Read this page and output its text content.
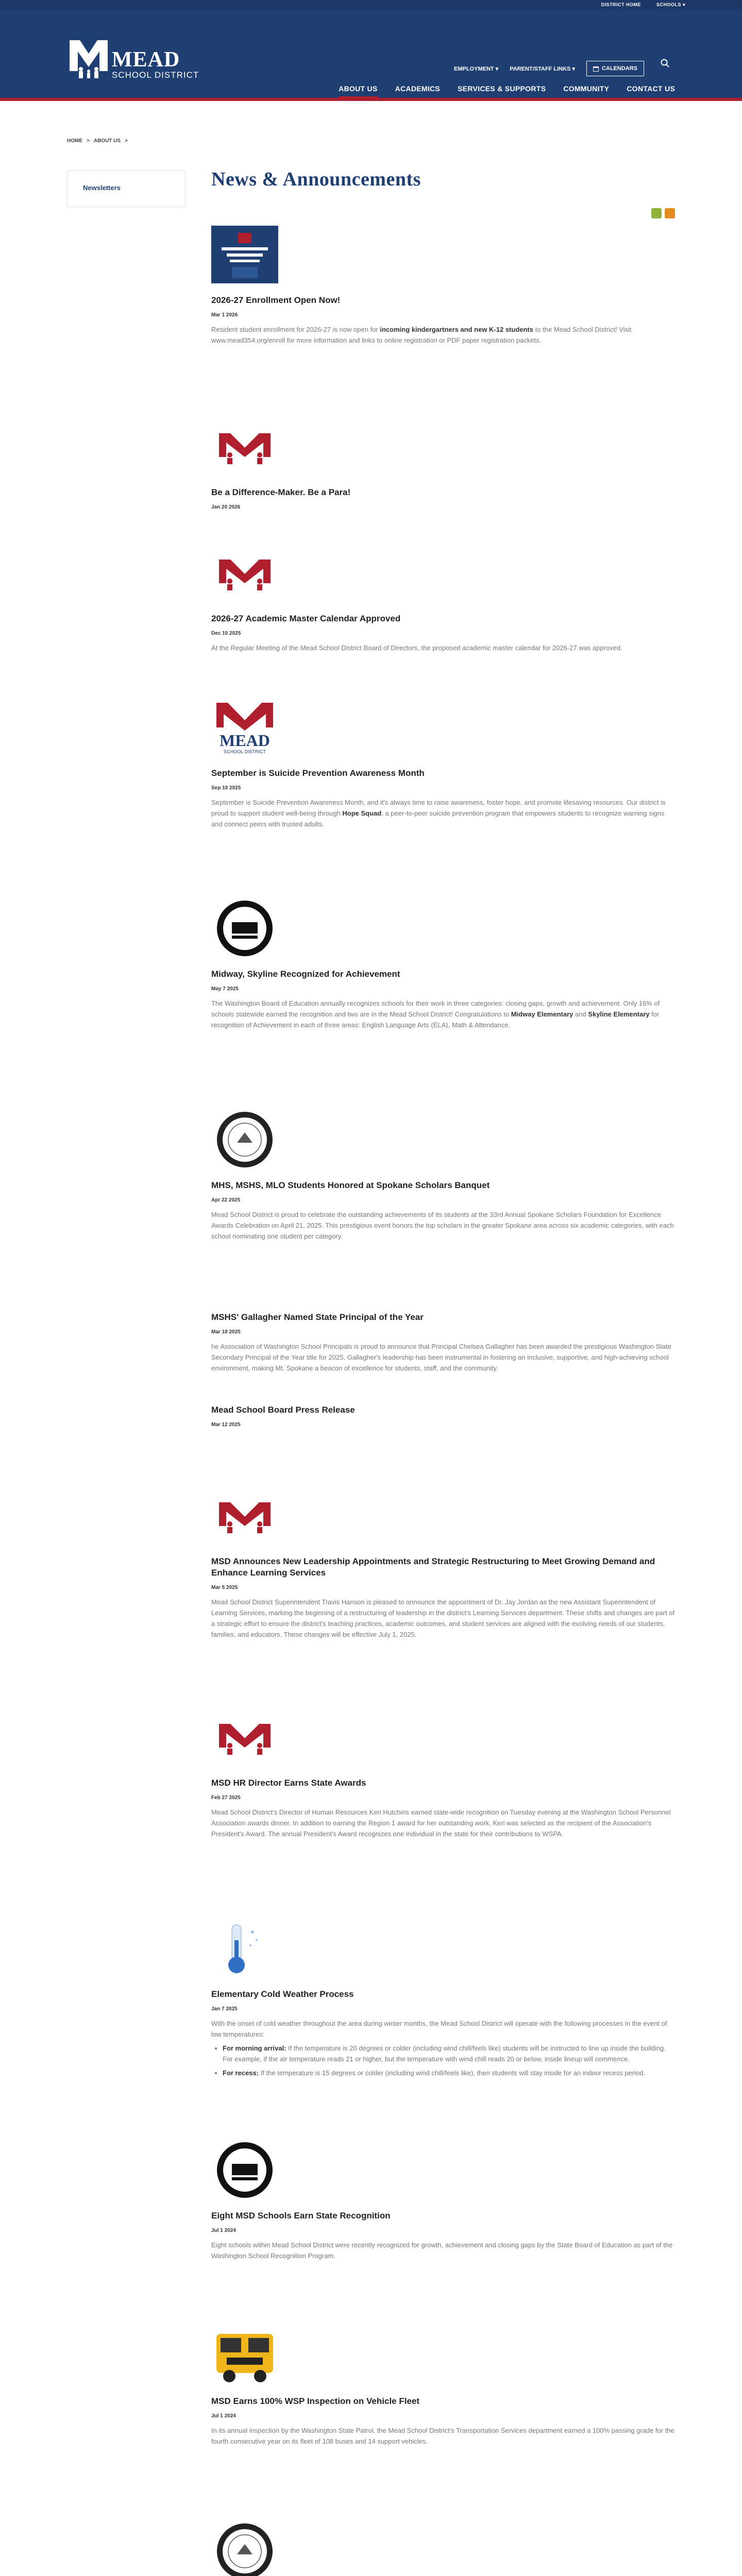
DISTRICT HOME	SCHOOLS ▾
MEAD
SCHOOL DISTRICT
EMPLOYMENT ▾ PARENT/STAFF LINKS ▾	CALENDARS
ABOUT US ACADEMICS SERVICES & SUPPORTS COMMUNITY CONTACT US
HOME > ABOUT US >
Newsletters	News & Announcements
2026-27 Enrollment Open Now!
Mar 1 2026

Resident student enrollment for 2026-27 is now open for incoming kindergartners and new K-12 students to the Mead School District! Visit www.mead354.org/enroll for more information and links to online registration or PDF paper registration packets.

Be a Difference-Maker. Be a Para!
Jan 20 2026
2026-27 Academic Master Calendar Approved
Dec 10 2025

At the Regular Meeting of the Mead School District Board of Directors, the proposed academic master calendar for 2026-27 was approved.

MEAD
SCHOOL DISTRICT
September is Suicide Prevention Awareness Month
Sep 10 2025

September is Suicide Prevention Awareness Month, and it's always time to raise awareness, foster hope, and promote lifesaving resources. Our district is proud to support student well-being through Hope Squad, a peer-to-peer suicide prevention program that empowers students to recognize warning signs and connect peers with trusted adults.

Midway, Skyline Recognized for Achievement
May 7 2025

The Washington Board of Education annually recognizes schools for their work in three categories: closing gaps, growth and achievement. Only 16% of schools statewide earned the recognition and two are in the Mead School District! Congratulations to Midway Elementary and Skyline Elementary for recognition of Achievement in each of three areas: English Language Arts (ELA), Math & Attendance.

MHS, MSHS, MLO Students Honored at Spokane Scholars Banquet
Apr 22 2025

Mead School District is proud to celebrate the outstanding achievements of its students at the 33rd Annual Spokane Scholars Foundation for Excellence Awards Celebration on April 21, 2025. This prestigious event honors the top scholars in the greater Spokane area across six academic categories, with each school nominating one student per category.

MSHS' Gallagher Named State Principal of the Year
Mar 18 2025

he Association of Washington School Principals is proud to announce that Principal Chelsea Gallagher has been awarded the prestigious Washington State Secondary Principal of the Year title for 2025. Gallagher's leadership has been instrumental in fostering an inclusive, supportive, and high-achieving school environment, making Mt. Spokane a beacon of excellence for students, staff, and the community.

Mead School Board Press Release
Mar 12 2025
MSD Announces New Leadership Appointments and Strategic Restructuring to Meet Growing Demand and Enhance Learning Services
Mar 5 2025

Mead School District Superintendent Travis Hanson is pleased to announce the appointment of Dr. Jay Jordan as the new Assistant Superintendent of Learning Services, marking the beginning of a restructuring of leadership in the district's Learning Services department. These shifts and changes are part of a strategic effort to ensure the district's teaching practices, academic outcomes, and student services are aligned with the evolving needs of our students, families, and educators. These changes will be effective July 1, 2025.

MSD HR Director Earns State Awards
Feb 27 2025

Mead School District's Director of Human Resources Keri Hutchins earned state-wide recognition on Tuesday evening at the Washington School Personnel Association awards dinner. In addition to earning the Region 1 award for her outstanding work, Keri was selected as the recipient of the Association's President's Award. The annual President's Award recognizes one individual in the state for their contributions to WSPA.

Elementary Cold Weather Process
Jan 7 2025

With the onset of cold weather throughout the area during winter months, the Mead School District will operate with the following processes in the event of low temperatures:

• For morning arrival: If the temperature is 20 degrees or colder (including wind chill/feels like) students will be instructed to line up inside the building. For example, if the air temperature reads 21 or higher, but the temperature with wind chill reads 20 or below, inside lineup will commence.
• For recess: If the temperature is 15 degrees or colder (including wind chill/feels like), then students will stay inside for an indoor recess period.
Eight MSD Schools Earn State Recognition
Jul 1 2024

Eight schools within Mead School District were recently recognized for growth, achievement and closing gaps by the State Board of Education as part of the Washington School Recognition Program.

MSD Earns 100% WSP Inspection on Vehicle Fleet
Jul 1 2024

In its annual inspection by the Washington State Patrol, the Mead School District's Transportation Services department earned a 100% passing grade for the fourth consecutive year on its fleet of 108 buses and 14 support vehicles.
